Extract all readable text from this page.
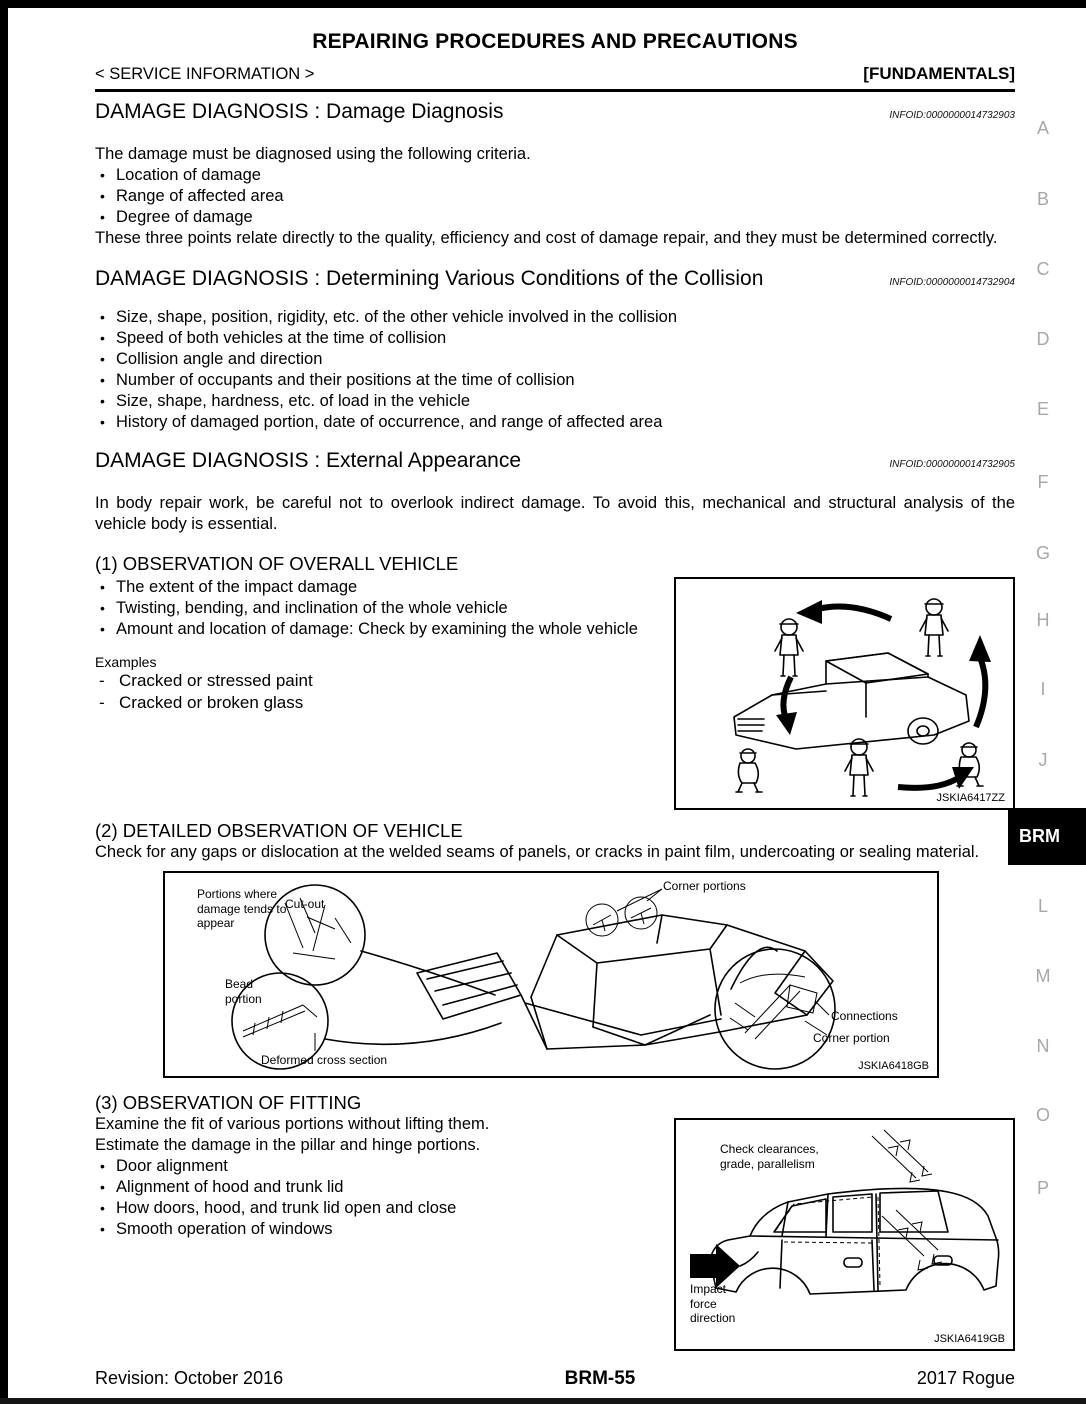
REPAIRING PROCEDURES AND PRECAUTIONS
< SERVICE INFORMATION >	[FUNDAMENTALS]
DAMAGE DIAGNOSIS : Damage Diagnosis	INFOID:0000000014732903
The damage must be diagnosed using the following criteria.
• Location of damage
• Range of affected area
• Degree of damage
These three points relate directly to the quality, efficiency and cost of damage repair, and they must be determined correctly.
DAMAGE DIAGNOSIS : Determining Various Conditions of the Collision	INFOID:0000000014732904
• Size, shape, position, rigidity, etc. of the other vehicle involved in the collision
• Speed of both vehicles at the time of collision
• Collision angle and direction
• Number of occupants and their positions at the time of collision
• Size, shape, hardness, etc. of load in the vehicle
• History of damaged portion, date of occurrence, and range of affected area
DAMAGE DIAGNOSIS : External Appearance	INFOID:0000000014732905
In body repair work, be careful not to overlook indirect damage. To avoid this, mechanical and structural analysis of the vehicle body is essential.
(1) OBSERVATION OF OVERALL VEHICLE
JSKIA6417ZZ
• The extent of the impact damage
• Twisting, bending, and inclination of the whole vehicle
• Amount and location of damage: Check by examining the whole vehicle
Examples
- Cracked or stressed paint
- Cracked or broken glass
(2) DETAILED OBSERVATION OF VEHICLE
Check for any gaps or dislocation at the welded seams of panels, or cracks in paint film, undercoating or sealing material.
Portions where damage tends to appear
Cut-out
Corner portions
Bead portion
Deformed cross section
Connections
Corner portion
JSKIA6418GB
(3) OBSERVATION OF FITTING
Check clearances, grade, parallelism
Impact force direction
JSKIA6419GB
Examine the fit of various portions without lifting them.
Estimate the damage in the pillar and hinge portions.
• Door alignment
• Alignment of hood and trunk lid
• How doors, hood, and trunk lid open and close
• Smooth operation of windows
A
B
C
D
E
F
G
H
I
J
BRM
L
M
N
O
P
Revision: October 2016	BRM-55	2017 Rogue
